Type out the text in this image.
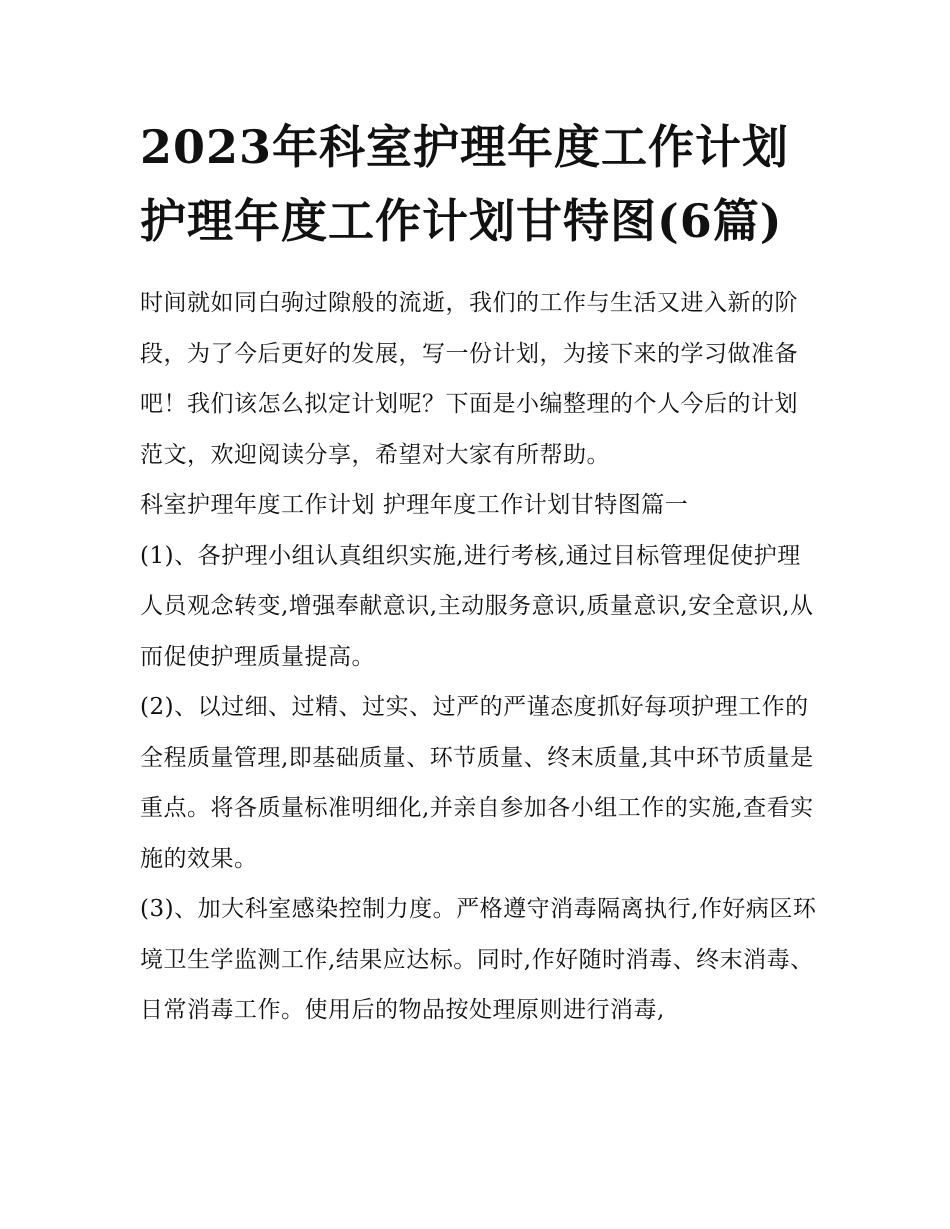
2023年科室护理年度工作计划 护理年度工作计划甘特图(6篇)

时间就如同白驹过隙般的流逝，我们的工作与生活又进入新的阶段，为了今后更好的发展，写一份计划，为接下来的学习做准备吧！我们该怎么拟定计划呢？下面是小编整理的个人今后的计划范文，欢迎阅读分享，希望对大家有所帮助。

科室护理年度工作计划 护理年度工作计划甘特图篇一

(1)、各护理小组认真组织实施,进行考核,通过目标管理促使护理人员观念转变,增强奉献意识,主动服务意识,质量意识,安全意识,从而促使护理质量提高。

(2)、以过细、过精、过实、过严的严谨态度抓好每项护理工作的全程质量管理,即基础质量、环节质量、终末质量,其中环节质量是重点。将各质量标准明细化,并亲自参加各小组工作的实施,查看实施的效果。

(3)、加大科室感染控制力度。严格遵守消毒隔离执行,作好病区环境卫生学监测工作,结果应达标。同时,作好随时消毒、终末消毒、日常消毒工作。使用后的物品按处理原则进行消毒,
